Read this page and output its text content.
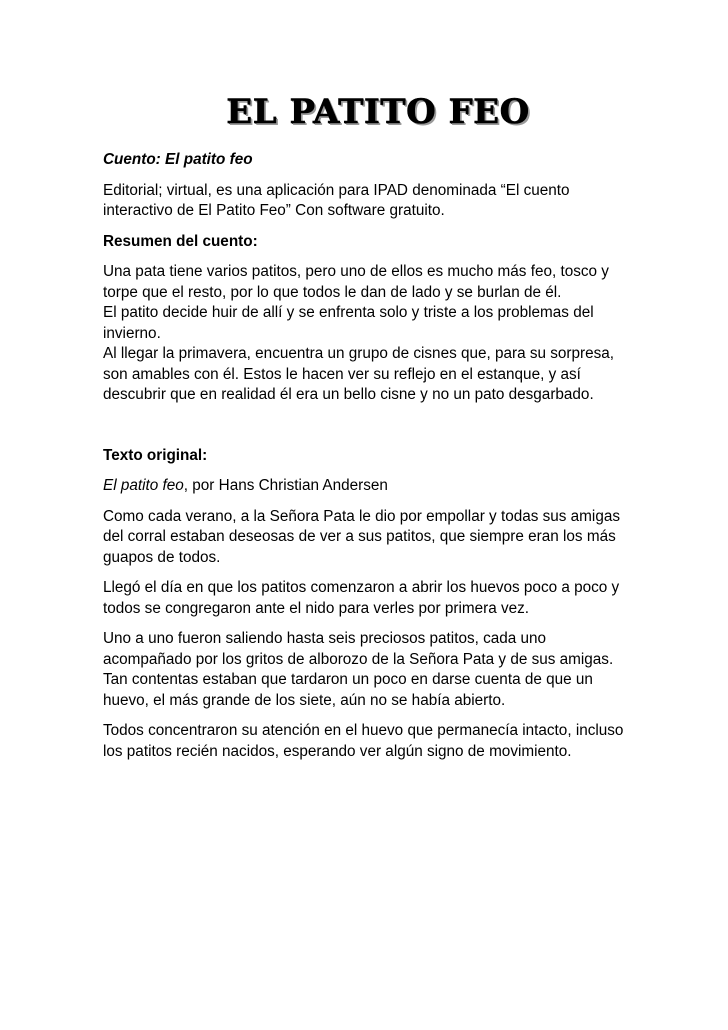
EL PATITO FEO

Cuento: El patito feo

Editorial; virtual, es una aplicación para IPAD denominada “El cuento interactivo de El Patito Feo” Con software gratuito.

Resumen del cuento:

Una pata tiene varios patitos, pero uno de ellos es mucho más feo, tosco y torpe que el resto, por lo que todos le dan de lado y se burlan de él.

El patito decide huir de allí y se enfrenta solo y triste a los problemas del invierno.

Al llegar la primavera, encuentra un grupo de cisnes que, para su sorpresa, son amables con él. Estos le hacen ver su reflejo en el estanque, y así descubrir que en realidad él era un bello cisne y no un pato desgarbado.

Texto original:

El patito feo, por Hans Christian Andersen

Como cada verano, a la Señora Pata le dio por empollar y todas sus amigas del corral estaban deseosas de ver a sus patitos, que siempre eran los más guapos de todos.

Llegó el día en que los patitos comenzaron a abrir los huevos poco a poco y todos se congregaron ante el nido para verles por primera vez.

Uno a uno fueron saliendo hasta seis preciosos patitos, cada uno acompañado por los gritos de alborozo de la Señora Pata y de sus amigas. Tan contentas estaban que tardaron un poco en darse cuenta de que un huevo, el más grande de los siete, aún no se había abierto.

Todos concentraron su atención en el huevo que permanecía intacto, incluso los patitos recién nacidos, esperando ver algún signo de movimiento.
